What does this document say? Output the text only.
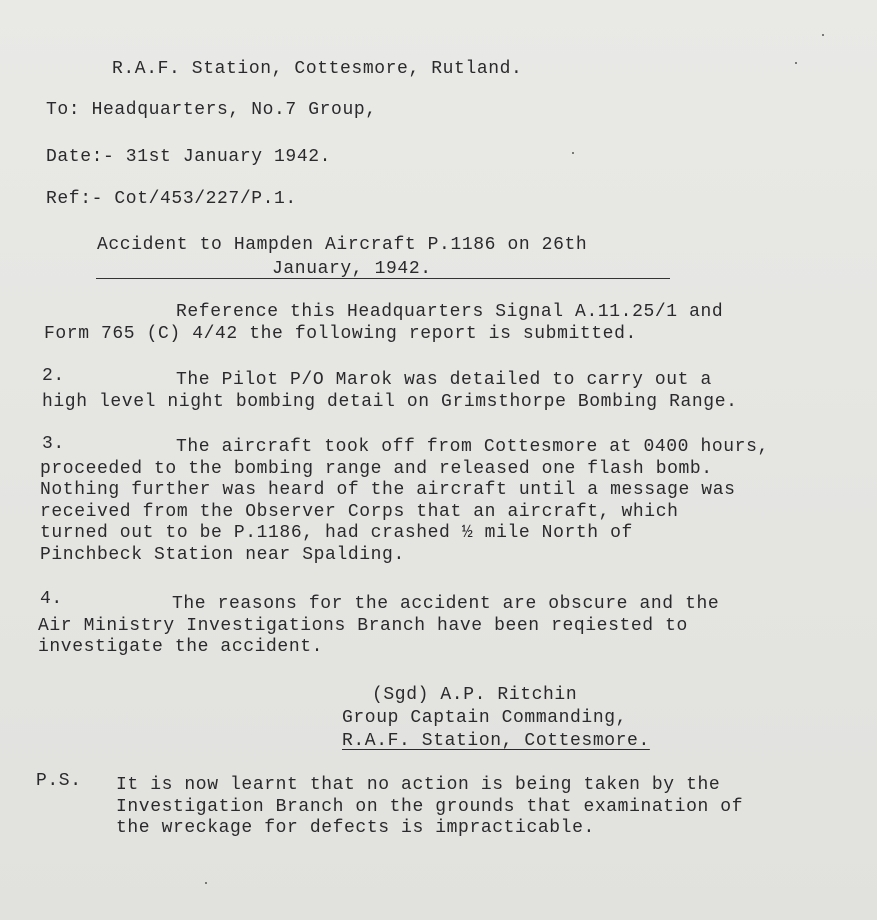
R.A.F. Station, Cottesmore, Rutland.
To: Headquarters, No.7 Group,
Date:- 31st January 1942.
Ref:- Cot/453/227/P.1.
Accident to Hampden Aircraft P.1186 on 26th
January, 1942.
Reference this Headquarters Signal A.11.25/1 and
Form 765 (C) 4/42 the following report is submitted.
2.	The Pilot P/O Marok was detailed to carry out a
high level night bombing detail on Grimsthorpe Bombing Range.
3.	The aircraft took off from Cottesmore at 0400 hours,
proceeded to the bombing range and released one flash bomb.
Nothing further was heard of the aircraft until a message was
received from the Observer Corps that an aircraft, which
turned out to be P.1186, had crashed ½ mile North of
Pinchbeck Station near Spalding.
4.	The reasons for the accident are obscure and the
Air Ministry Investigations Branch have been reqiested to
investigate the accident.
(Sgd) A.P. Ritchin
Group Captain Commanding,
R.A.F. Station, Cottesmore.
P.S. It is now learnt that no action is being taken by the
Investigation Branch on the grounds that examination of
the wreckage for defects is impracticable.
